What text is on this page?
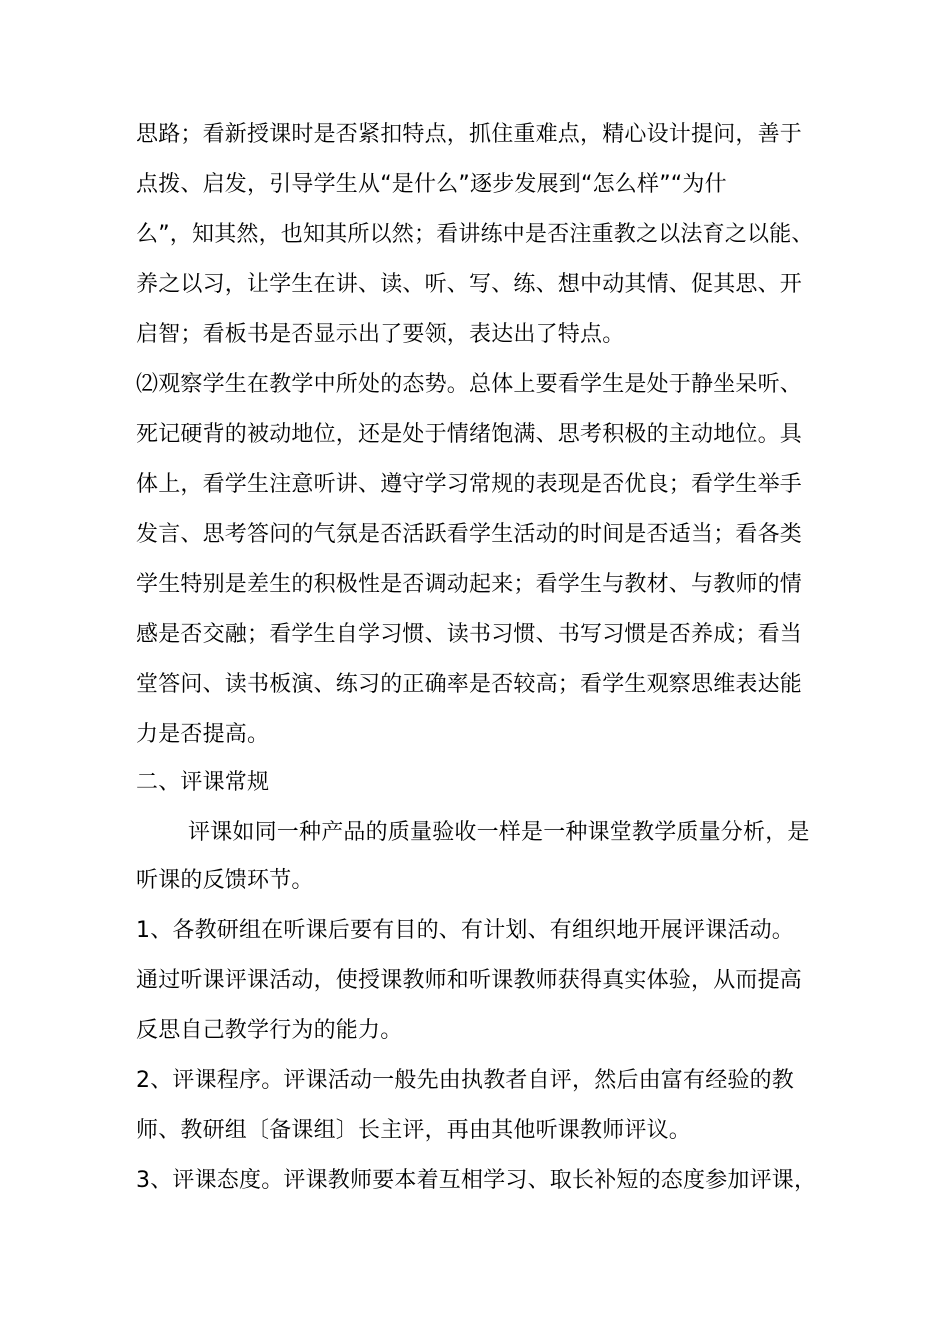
思路；看新授课时是否紧扣特点，抓住重难点，精心设计提问，善于
点拨、启发，引导学生从“是什么”逐步发展到“怎么样”“为什
么”，知其然，也知其所以然；看讲练中是否注重教之以法育之以能、
养之以习，让学生在讲、读、听、写、练、想中动其情、促其思、开
启智；看板书是否显示出了要领，表达出了特点。
⑵观察学生在教学中所处的态势。总体上要看学生是处于静坐呆听、
死记硬背的被动地位，还是处于情绪饱满、思考积极的主动地位。具
体上，看学生注意听讲、遵守学习常规的表现是否优良；看学生举手
发言、思考答问的气氛是否活跃看学生活动的时间是否适当；看各类
学生特别是差生的积极性是否调动起来；看学生与教材、与教师的情
感是否交融；看学生自学习惯、读书习惯、书写习惯是否养成；看当
堂答问、读书板演、练习的正确率是否较高；看学生观察思维表达能
力是否提高。
二、评课常规
评课如同一种产品的质量验收一样是一种课堂教学质量分析，是
听课的反馈环节。
1、各教研组在听课后要有目的、有计划、有组织地开展评课活动。
通过听课评课活动，使授课教师和听课教师获得真实体验，从而提高
反思自己教学行为的能力。
2、评课程序。评课活动一般先由执教者自评，然后由富有经验的教
师、教研组〔备课组〕长主评，再由其他听课教师评议。
3、评课态度。评课教师要本着互相学习、取长补短的态度参加评课，
